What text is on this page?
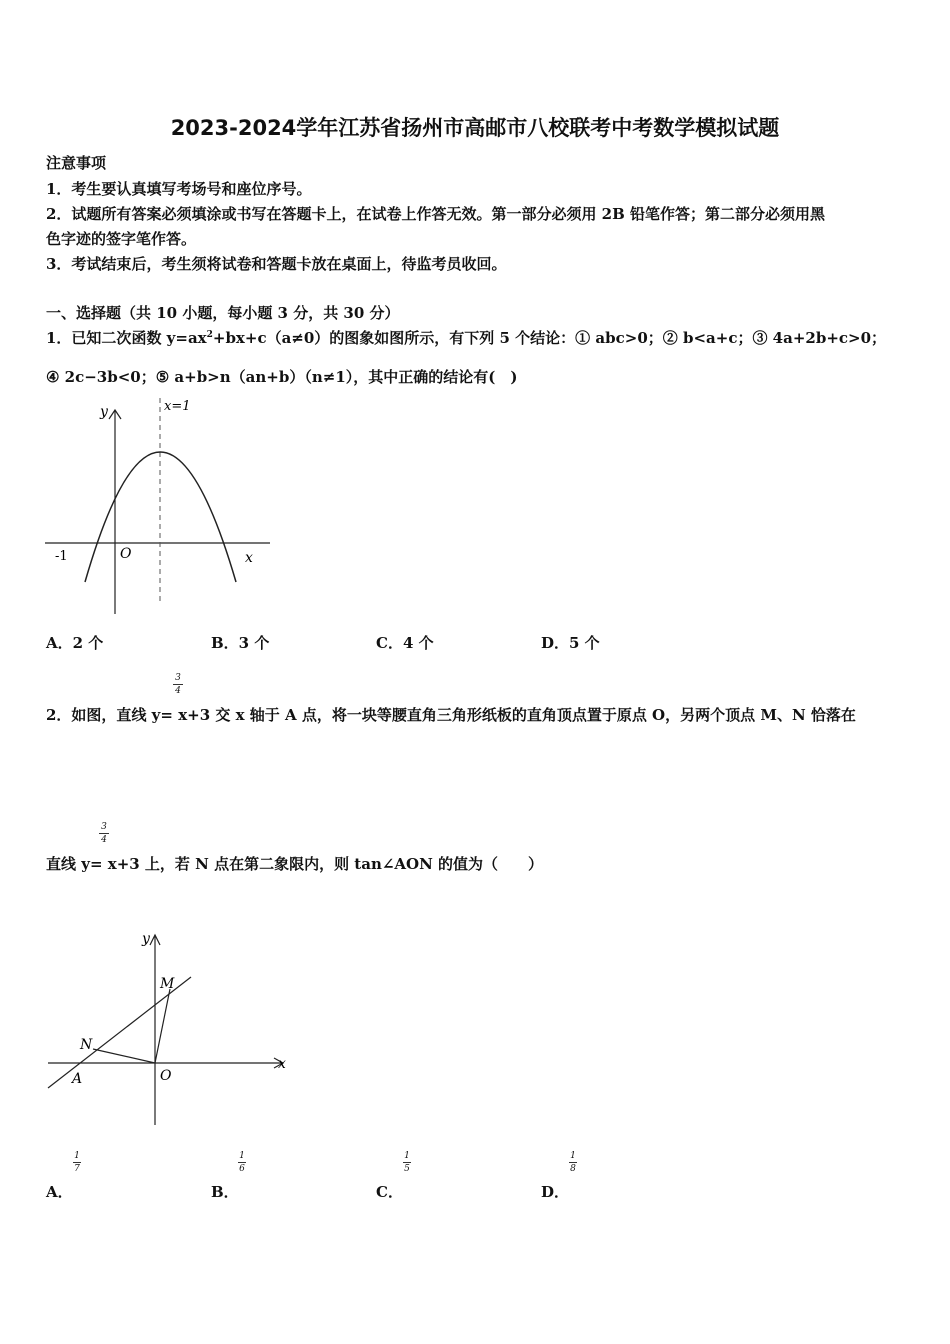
2023-2024学年江苏省扬州市高邮市八校联考中考数学模拟试题
注意事项
1．考生要认真填写考场号和座位序号。
2．试题所有答案必须填涂或书写在答题卡上，在试卷上作答无效。第一部分必须用 2B 铅笔作答；第二部分必须用黑
色字迹的签字笔作答。
3．考试结束后，考生须将试卷和答题卡放在桌面上，待监考员收回。
一、选择题（共 10 小题，每小题 3 分，共 30 分）
1．已知二次函数 $y=ax^2+bx+c(a\ne 0)$的图象如图所示，有下列 5 个结论：① abc>0；② b<a+c；③ 4a+2b+c>0；
④ 2c−3b<0；⑤ a+b>n（an+b）（n≠1），其中正确的结论有(　)
y
x
O
-1
x=1
A．2 个	B．3 个	C．4 个	D．5 个
3
4
2．如图，直线 y= x+3 交 x 轴于 A 点，将一块等腰直角三角形纸板的直角顶点置于原点 O，另两个顶点 M、N 恰落在
3
4
直线 y= x+3 上，若 N 点在第二象限内，则 tan∠AON 的值为（　　）
y
x
M
N
A	O
1
7
A．
1
6
B．
1
5
C．
1
8
D．
